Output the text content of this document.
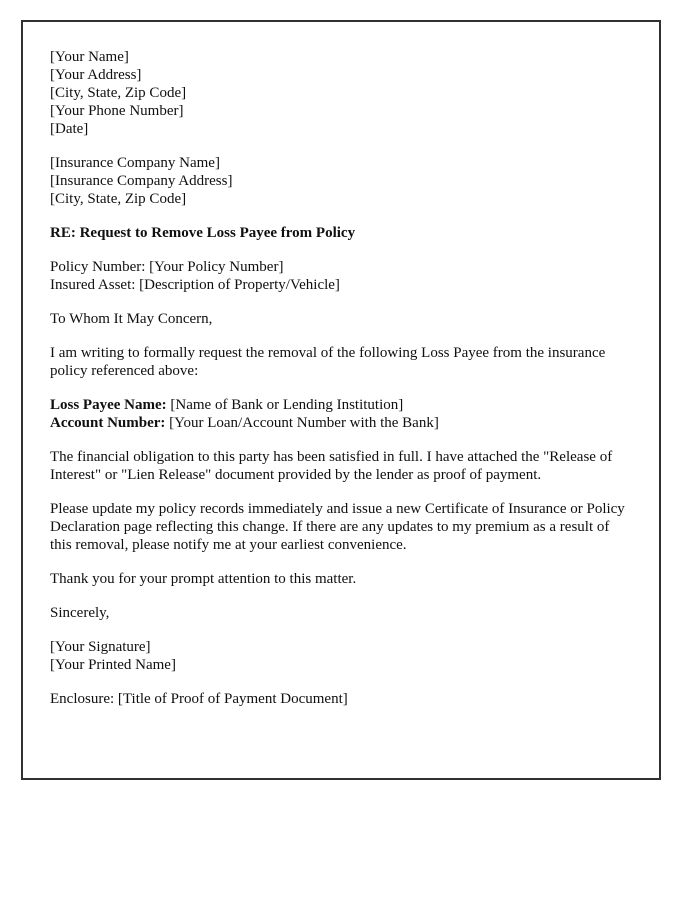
[Your Name]
[Your Address]
[City, State, Zip Code]
[Your Phone Number]
[Date]
[Insurance Company Name]
[Insurance Company Address]
[City, State, Zip Code]
RE: Request to Remove Loss Payee from Policy
Policy Number: [Your Policy Number]
Insured Asset: [Description of Property/Vehicle]
To Whom It May Concern,
I am writing to formally request the removal of the following Loss Payee from the insurance policy referenced above:
Loss Payee Name: [Name of Bank or Lending Institution]
Account Number: [Your Loan/Account Number with the Bank]
The financial obligation to this party has been satisfied in full. I have attached the "Release of Interest" or "Lien Release" document provided by the lender as proof of payment.
Please update my policy records immediately and issue a new Certificate of Insurance or Policy Declaration page reflecting this change. If there are any updates to my premium as a result of this removal, please notify me at your earliest convenience.
Thank you for your prompt attention to this matter.
Sincerely,
[Your Signature]
[Your Printed Name]
Enclosure: [Title of Proof of Payment Document]
